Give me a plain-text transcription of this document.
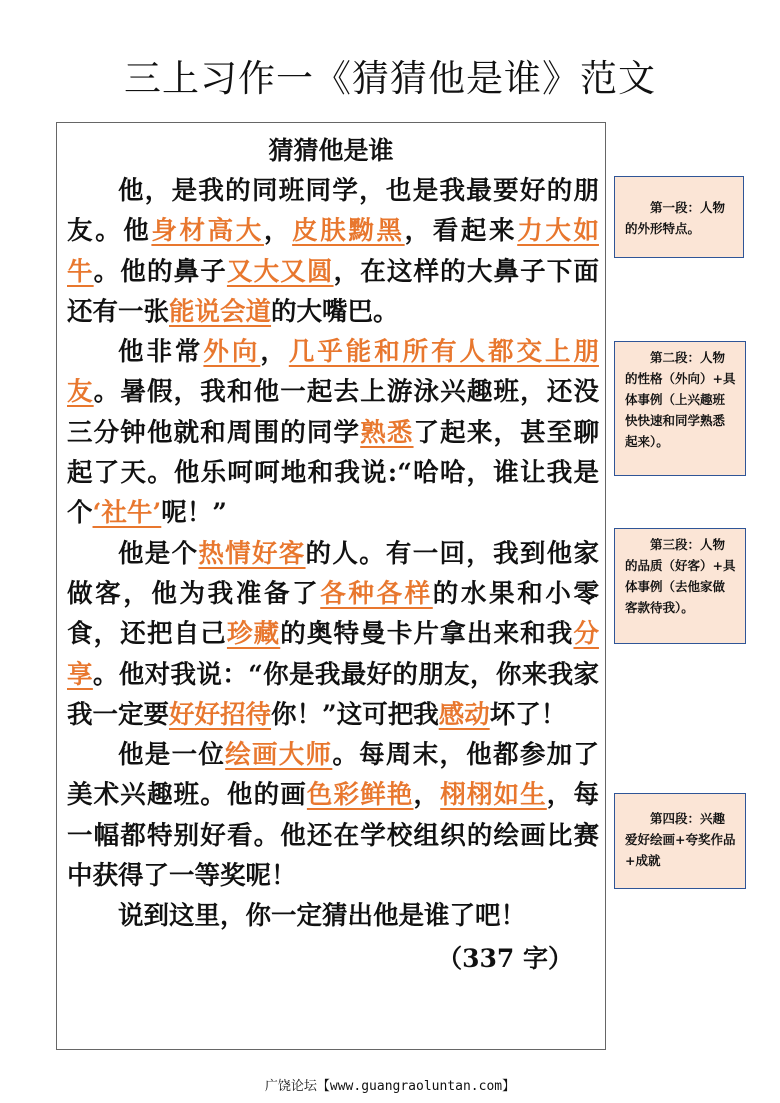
三上习作一《猜猜他是谁》范文
猜猜他是谁

他，是我的同班同学，也是我最要好的朋友。他身材高大，皮肤黝黑，看起来力大如牛。他的鼻子又大又圆，在这样的大鼻子下面还有一张能说会道的大嘴巴。

他非常外向，几乎能和所有人都交上朋友。暑假，我和他一起去上游泳兴趣班，还没三分钟他就和周围的同学熟悉了起来，甚至聊起了天。他乐呵呵地和我说:“哈哈，谁让我是个‘社牛’呢！”

他是个热情好客的人。有一回，我到他家做客，他为我准备了各种各样的水果和小零食，还把自己珍藏的奥特曼卡片拿出来和我分享。他对我说：“你是我最好的朋友，你来我家我一定要好好招待你！”这可把我感动坏了！

他是一位绘画大师。每周末，他都参加了美术兴趣班。他的画色彩鲜艳，栩栩如生，每一幅都特别好看。他还在学校组织的绘画比赛中获得了一等奖呢！

说到这里，你一定猜出他是谁了吧！

（337 字）
第一段：人物的外形特点。
第二段：人物的性格（外向）+具体事例（上兴趣班快快速和同学熟悉起来）。
第三段：人物的品质（好客）+具体事例（去他家做客款待我）。
第四段：兴趣爱好绘画+夸奖作品+成就
广饶论坛【www.guangraoluntan.com】
